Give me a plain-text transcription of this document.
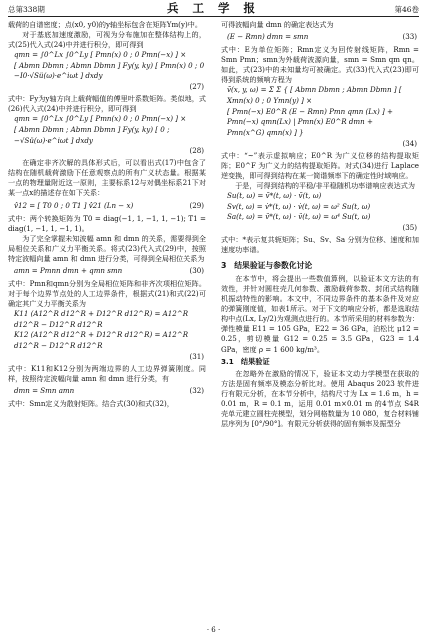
总第338期	兵 工 学 报	第46卷

载荷的自谱密度；点(x0, y0)的y轴坐标包含在矩阵Ym(y)中。

对于基底加速度激励，可视为分布施加在整体结构上的，式(25)代入式(24)中并进行积分，即可得到

qmn = ∫0^Lx ∫0^Ly [ Pmn(x) 0 ; 0 Pmn(−x) ] ×
[ Abmn Dbmn ; Abmn Dbmn ] Fy(y, ky) [ Pmn(x) 0 ; 0 −I0·√Sü(ω)·e^iωt ] dxdy
(27)

式中：Fy为y轴方向上载荷幅值的傅里叶系数矩阵。类似地，式(26)代入式(24)中并进行积分，即可得到

qmn = ∫0^Lx ∫0^Ly [ Pmn(x) 0 ; 0 Pmn(−x) ] ×
[ Abmn Dbmn ; Abmn Dbmn ] Fy(y, ky) [ 0 ; −√Sü(ω)·e^iωt ] dxdy
(28)

在确定非齐次解的具体形式后，可以看出式(17)中包含了结构在随机载荷激励下任意观察点的所有广义状态量。根据某一点的物理量附近这一原则，主要标系12与对偶坐标系21下对某一点x的描述存在如下关系：

v̂12 = [ T0 0 ; 0 T1 ] v̂21 (Ln − x)	(29)

式中：两个转换矩阵为 T0 = diag(−1, 1, −1, 1, −1); T1 = diag(1, −1, 1, −1, 1)。

为了完全掌握未知波幅 amn 和 dmn 的关系，需要得到全局相位关系和广义力平衡关系。将式(23)代入式(29)中，按照特定波幅向量 amn 和 dmn 进行分类，可得到全局相位关系为

amn = Pmnn dmn + qmn smn	(30)

式中：Pmn和qmn分别为全局相位矩阵和非齐次项相位矩阵。对于每个边界节点处的人工边界条件，根据式(21)和式(22)可确定其广义力平衡关系为

K11 (A12^R d12^R + D12^R d12^R) = A12^R d12^R − D12^R d12^R
K12 (A12^R d12^R + D12^R d12^R) = A12^R d12^R − D12^R d12^R
(31)

式中：K11和K12分别为两端边界的人工边界弹簧刚度。同样，按照待定波幅向量 amn 和 dmn 进行分类，有

dmn = Smn amn	(32)

式中：Smn定义为散射矩阵。结合式(30)和式(32)，

可得波幅向量 dmn 的确定表达式为

(E − Rmn) dmn = smn	(33)

式中：E为单位矩阵；Rmn定义为回传射线矩阵，Rmn = Smn Pmn；smn为外载荷波源向量，smn = Smn qm qn。如此，式(23)中的未知量均可被确定。式(33)代入式(23)即可得到系统的频响方程为

ṽ(x, y, ω) = Σ Σ { [ Abmn Dbmn ; Abmn Dbmn ] [ Xmn(x) 0 ; 0 Ymn(y) ] ×
[ Pmn(−x) E0^R (E − Rmn) Pmn qmn (Lx) ] +
Pmn(−x) qmn(Lx) | Pmn(x) E0^R dmn +
Pmn(x^G) qmn(x) ] }
(34)

式中：“~”表示虚拟响应；E0^R 为广义位移的结构提取矩阵；E0^F 为广义力的结构提取矩阵。对式(34)进行 Laplace 逆变换，即可得到结构在某一简谐频率下的确定性时域响应。

于是，可得到结构的平稳/非平稳随机功率谱响应表达式为

Su(t, ω) = ṽ*(t, ω) · ṽ(t, ω)
Sv(t, ω) = v̇*(t, ω) · v̇(t, ω) = ω² Su(t, ω)
Sa(t, ω) = v̈*(t, ω) · v̈(t, ω) = ω⁴ Su(t, ω)
(35)

式中：*表示复共轭矩阵；Su、Sv、Sa 分别为位移、速度和加速度功率谱。

3　结果验证与参数化讨论

在本节中，将会提出一些数值算例，以验证本文方法的有效性，并针对圆柱壳几何参数、激励载荷参数、封闭式结构随机振动特性的影响。本文中，不同边界条件的基本条件及对应的弹簧刚度值，如表1所示。对于下文的响应分析，都是选取结构中点(Lx, Ly/2)为观测点进行的。本节所采用的材料参数为：弹性模量 E11 = 105 GPa，E22 = 36 GPa，泊松比 μ12 = 0.25，剪切模量 G12 = 0.25 = 3.5 GPa，G23 = 1.4 GPa，密度 ρ = 1 600 kg/m³。

3.1　结果验证

在忽略外在激励的情况下，验证本文动力学模型在获取的方法是固有频率及模态分析比对。使用 Abaqus 2023 软件进行有限元分析，在本节分析中，结构尺寸为 Lx = 1.6 m，h = 0.01 m，R = 0.1 m，运用 0.01 m×0.01 m 的4节点 S4R 壳单元建立圆柱壳模型，划分网格数量为 10 080，复合材料铺层序列为 [0°/90°]。有限元分析获得的固有频率及振型分

· 6 ·
